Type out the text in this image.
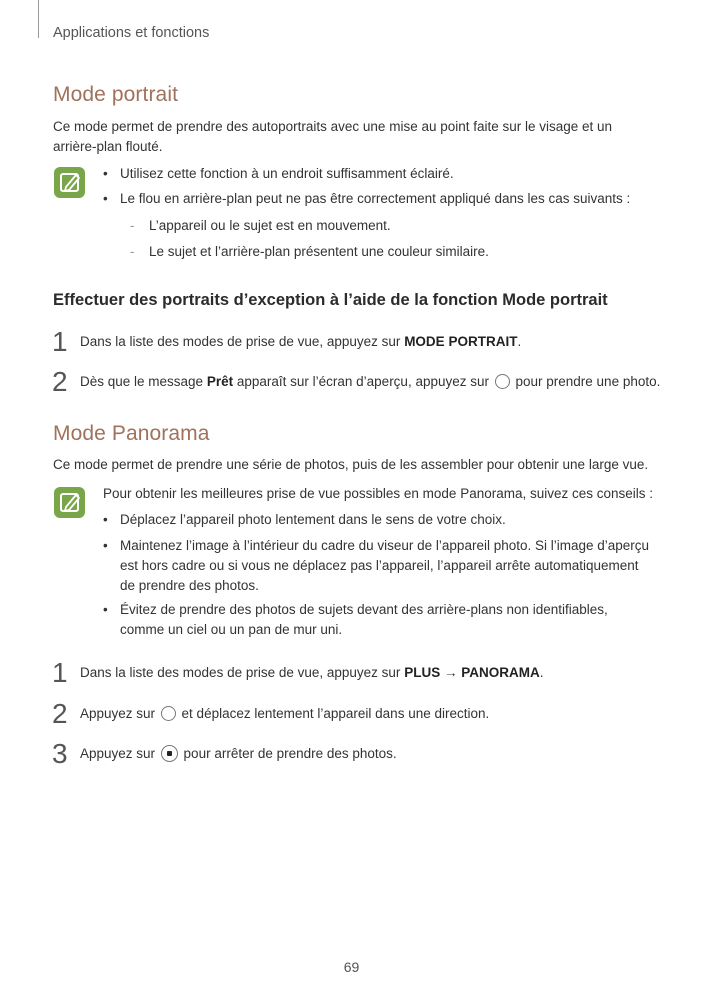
Applications et fonctions
Mode portrait
Ce mode permet de prendre des autoportraits avec une mise au point faite sur le visage et un
arrière-plan flouté.
• Utilisez cette fonction à un endroit suffisamment éclairé.
• Le flou en arrière-plan peut ne pas être correctement appliqué dans les cas suivants :
- L’appareil ou le sujet est en mouvement.
- Le sujet et l’arrière-plan présentent une couleur similaire.
Effectuer des portraits d’exception à l’aide de la fonction Mode portrait
1 Dans la liste des modes de prise de vue, appuyez sur MODE PORTRAIT.
2 Dès que le message Prêt apparaît sur l’écran d’aperçu, appuyez sur  pour prendre une photo.
Mode Panorama
Ce mode permet de prendre une série de photos, puis de les assembler pour obtenir une large vue.
Pour obtenir les meilleures prise de vue possibles en mode Panorama, suivez ces conseils :
• Déplacez l’appareil photo lentement dans le sens de votre choix.
• Maintenez l’image à l’intérieur du cadre du viseur de l’appareil photo. Si l’image d’aperçu est hors cadre ou si vous ne déplacez pas l’appareil, l’appareil arrête automatiquement de prendre des photos.
• Évitez de prendre des photos de sujets devant des arrière-plans non identifiables, comme un ciel ou un pan de mur uni.
1 Dans la liste des modes de prise de vue, appuyez sur PLUS → PANORAMA.
2 Appuyez sur  et déplacez lentement l’appareil dans une direction.
3 Appuyez sur  pour arrêter de prendre des photos.
69
